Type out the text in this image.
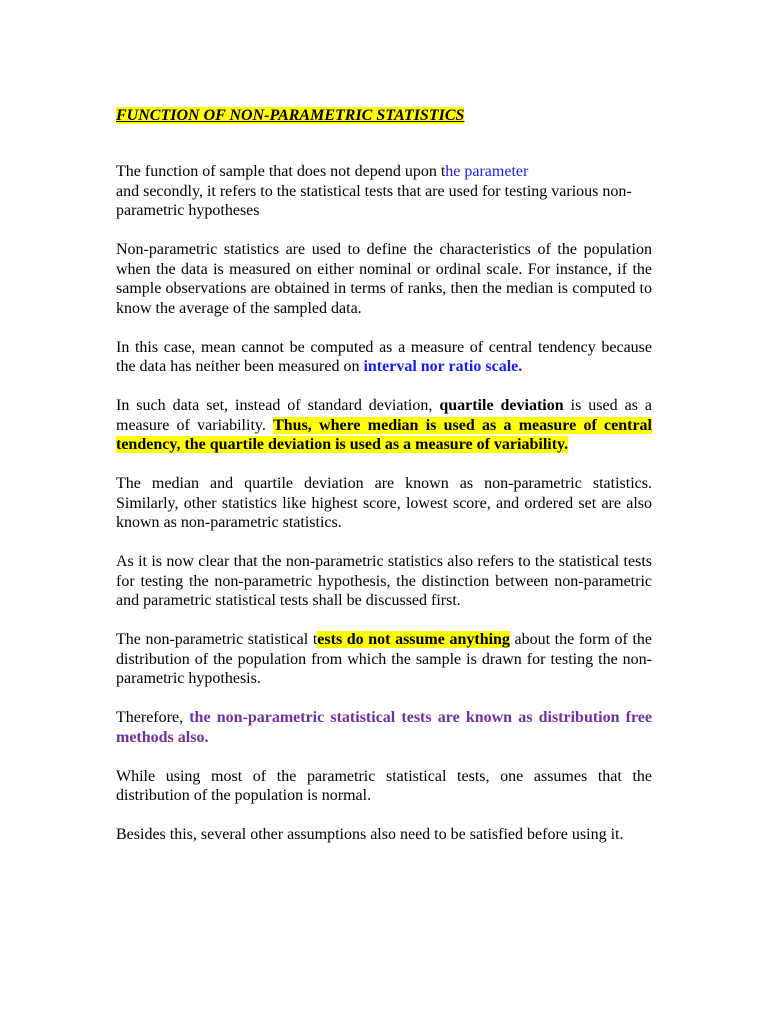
FUNCTION OF NON-PARAMETRIC STATISTICS

The function of sample that does not depend upon the parameter
and secondly, it refers to the statistical tests that are used for testing various non-parametric hypotheses

Non-parametric statistics are used to define the characteristics of the population when the data is measured on either nominal or ordinal scale. For instance, if the sample observations are obtained in terms of ranks, then the median is computed to know the average of the sampled data.

In this case, mean cannot be computed as a measure of central tendency because the data has neither been measured on interval nor ratio scale.

In such data set, instead of standard deviation, quartile deviation is used as a measure of variability. Thus, where median is used as a measure of central tendency, the quartile deviation is used as a measure of variability.

The median and quartile deviation are known as non-parametric statistics. Similarly, other statistics like highest score, lowest score, and ordered set are also known as non-parametric statistics.

As it is now clear that the non-parametric statistics also refers to the statistical tests for testing the non-parametric hypothesis, the distinction between non-parametric and parametric statistical tests shall be discussed first.

The non-parametric statistical tests do not assume anything about the form of the distribution of the population from which the sample is drawn for testing the non- parametric hypothesis.

Therefore, the non-parametric statistical tests are known as distribution free methods also.

While using most of the parametric statistical tests, one assumes that the distribution of the population is normal.

Besides this, several other assumptions also need to be satisfied before using it.
